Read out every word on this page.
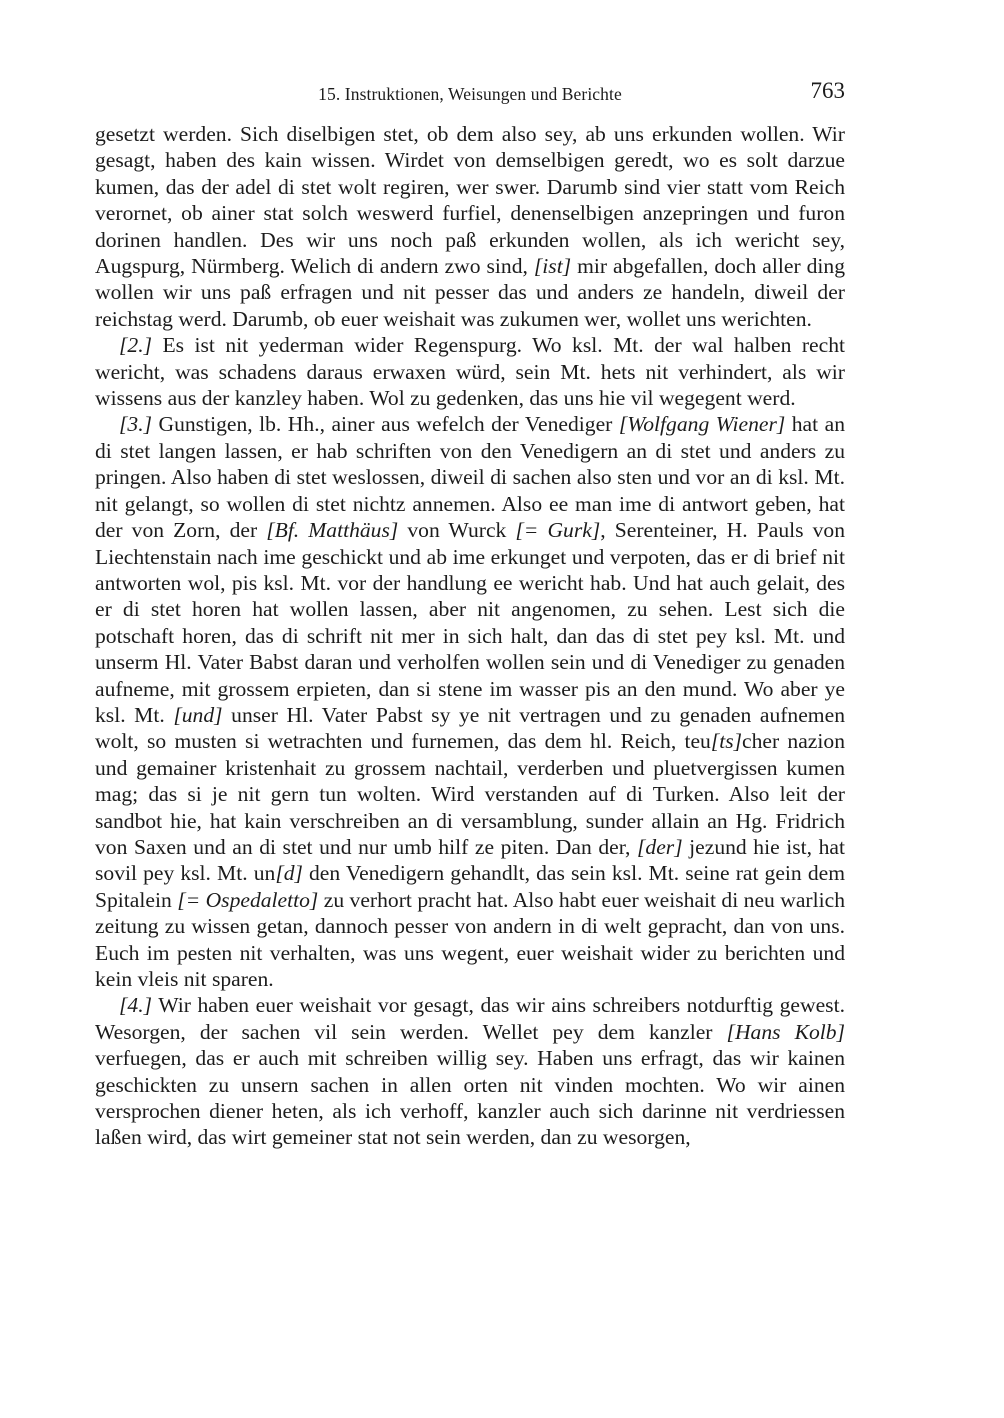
15. Instruktionen, Weisungen und Berichte	763

gesetzt werden. Sich diselbigen stet, ob dem also sey, ab uns erkunden wollen. Wir gesagt, haben des kain wissen. Wirdet von demselbigen geredt, wo es solt darzue kumen, das der adel di stet wolt regiren, wer swer. Darumb sind vier statt vom Reich verornet, ob ainer stat solch weswerd furfiel, denenselbigen anzepringen und furon dorinen handlen. Des wir uns noch paß erkunden wollen, als ich wericht sey, Augspurg, Nürmberg. Welich di andern zwo sind, [ist] mir abgefallen, doch aller ding wollen wir uns paß erfragen und nit pesser das und anders ze handeln, diweil der reichstag werd. Darumb, ob euer weishait was zukumen wer, wollet uns werichten.

[2.] Es ist nit yederman wider Regenspurg. Wo ksl. Mt. der wal halben recht wericht, was schadens daraus erwaxen würd, sein Mt. hets nit verhindert, als wir wissens aus der kanzley haben. Wol zu gedenken, das uns hie vil wegegent werd.

[3.] Gunstigen, lb. Hh., ainer aus wefelch der Venediger [Wolfgang Wiener] hat an di stet langen lassen, er hab schriften von den Venedigern an di stet und anders zu pringen. Also haben di stet weslossen, diweil di sachen also sten und vor an di ksl. Mt. nit gelangt, so wollen di stet nichtz annemen. Also ee man ime di antwort geben, hat der von Zorn, der [Bf. Matthäus] von Wurck [= Gurk], Serenteiner, H. Pauls von Liechtenstain nach ime geschickt und ab ime erkunget und verpoten, das er di brief nit antworten wol, pis ksl. Mt. vor der handlung ee wericht hab. Und hat auch gelait, des er di stet horen hat wollen lassen, aber nit angenomen, zu sehen. Lest sich die potschaft horen, das di schrift nit mer in sich halt, dan das di stet pey ksl. Mt. und unserm Hl. Vater Babst daran und verholfen wollen sein und di Venediger zu genaden aufneme, mit grossem erpieten, dan si stene im wasser pis an den mund. Wo aber ye ksl. Mt. [und] unser Hl. Vater Pabst sy ye nit vertragen und zu genaden aufnemen wolt, so musten si wetrachten und furnemen, das dem hl. Reich, teu[ts]cher nazion und gemainer kristenhait zu grossem nachtail, verderben und pluetvergissen kumen mag; das si je nit gern tun wolten. Wird verstanden auf di Turken. Also leit der sandbot hie, hat kain verschreiben an di versamblung, sunder allain an Hg. Fridrich von Saxen und an di stet und nur umb hilf ze piten. Dan der, [der] jezund hie ist, hat sovil pey ksl. Mt. un[d] den Venedigern gehandlt, das sein ksl. Mt. seine rat gein dem Spitalein [= Ospedaletto] zu verhort pracht hat. Also habt euer weishait di neu warlich zeitung zu wissen getan, dannoch pesser von andern in di welt gepracht, dan von uns. Euch im pesten nit verhalten, was uns wegent, euer weishait wider zu berichten und kein vleis nit sparen.

[4.] Wir haben euer weishait vor gesagt, das wir ains schreibers notdurftig gewest. Wesorgen, der sachen vil sein werden. Wellet pey dem kanzler [Hans Kolb] verfuegen, das er auch mit schreiben willig sey. Haben uns erfragt, das wir kainen geschickten zu unsern sachen in allen orten nit vinden mochten. Wo wir ainen versprochen diener heten, als ich verhoff, kanzler auch sich darinne nit verdriessen laßen wird, das wirt gemeiner stat not sein werden, dan zu wesorgen,
